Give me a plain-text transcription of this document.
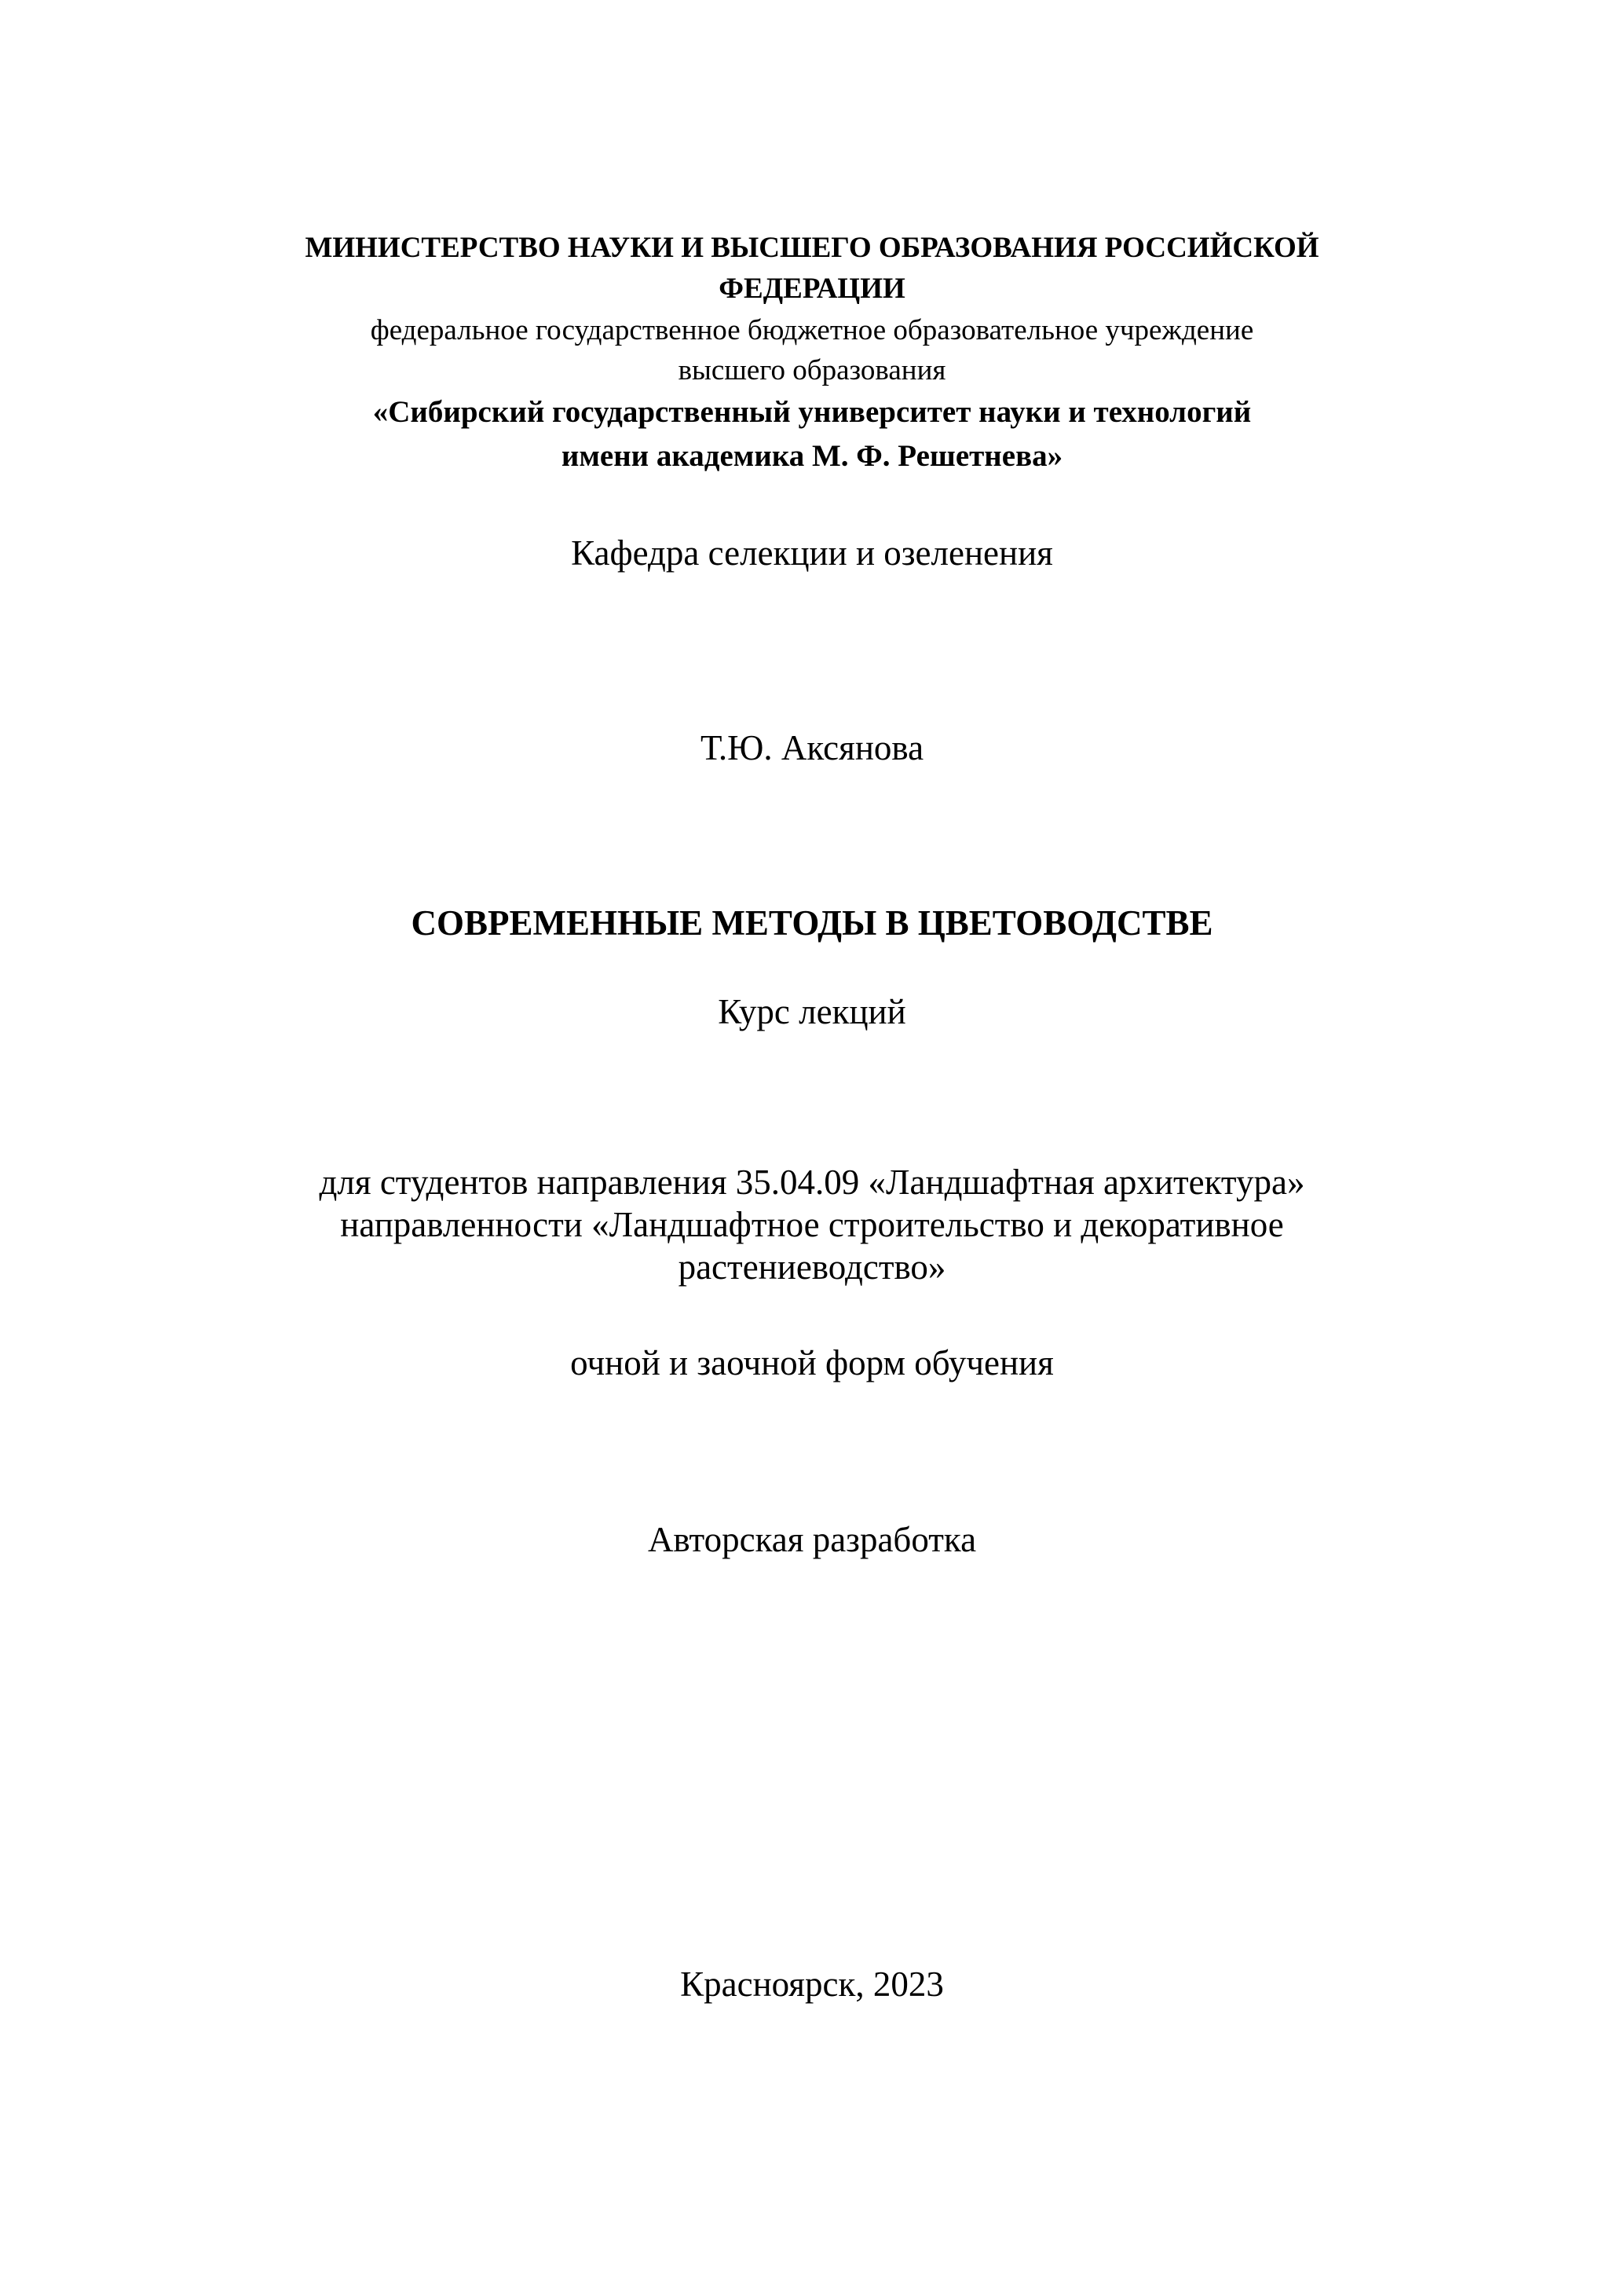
МИНИСТЕРСТВО НАУКИ И ВЫСШЕГО ОБРАЗОВАНИЯ РОССИЙСКОЙ
ФЕДЕРАЦИИ
федеральное государственное бюджетное образовательное учреждение
высшего образования
«Сибирский государственный университет науки и технологий
имени академика М. Ф. Решетнева»
Кафедра селекции и озеленения
Т.Ю. Аксянова
СОВРЕМЕННЫЕ МЕТОДЫ В ЦВЕТОВОДСТВЕ
Курс лекций
для студентов направления 35.04.09 «Ландшафтная архитектура»
направленности «Ландшафтное строительство и декоративное
растениеводство»
очной и заочной форм обучения
Авторская разработка
Красноярск, 2023
